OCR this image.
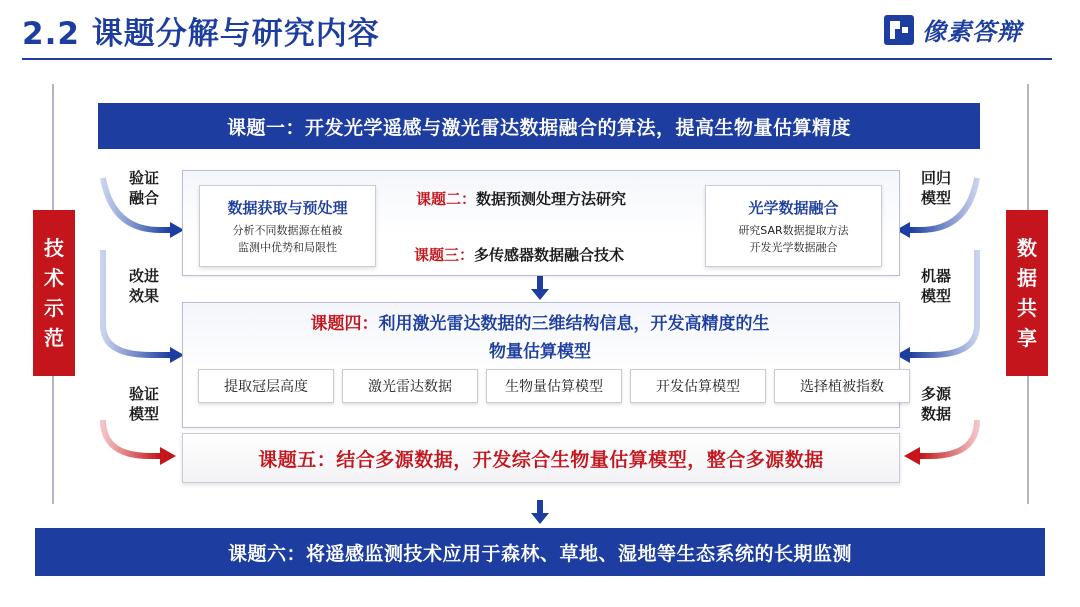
2.2 课题分解与研究内容	像素答辩
技
术
示
范
数
据
共
享
课题一：开发光学遥感与激光雷达数据融合的算法，提高生物量估算精度
验证
融合
改进
效果
验证
模型
回归
模型
机器
模型
多源
数据
数据获取与预处理
分析不同数据源在植被
监测中优势和局限性
光学数据融合
研究SAR数据提取方法
开发光学数据融合
课题二：数据预测处理方法研究
课题三：多传感器数据融合技术
课题四：利用激光雷达数据的三维结构信息，开发高精度的生
物量估算模型
提取冠层高度	激光雷达数据	生物量估算模型	开发估算模型	选择植被指数
课题五：结合多源数据，开发综合生物量估算模型，整合多源数据
课题六：将遥感监测技术应用于森林、草地、湿地等生态系统的长期监测
